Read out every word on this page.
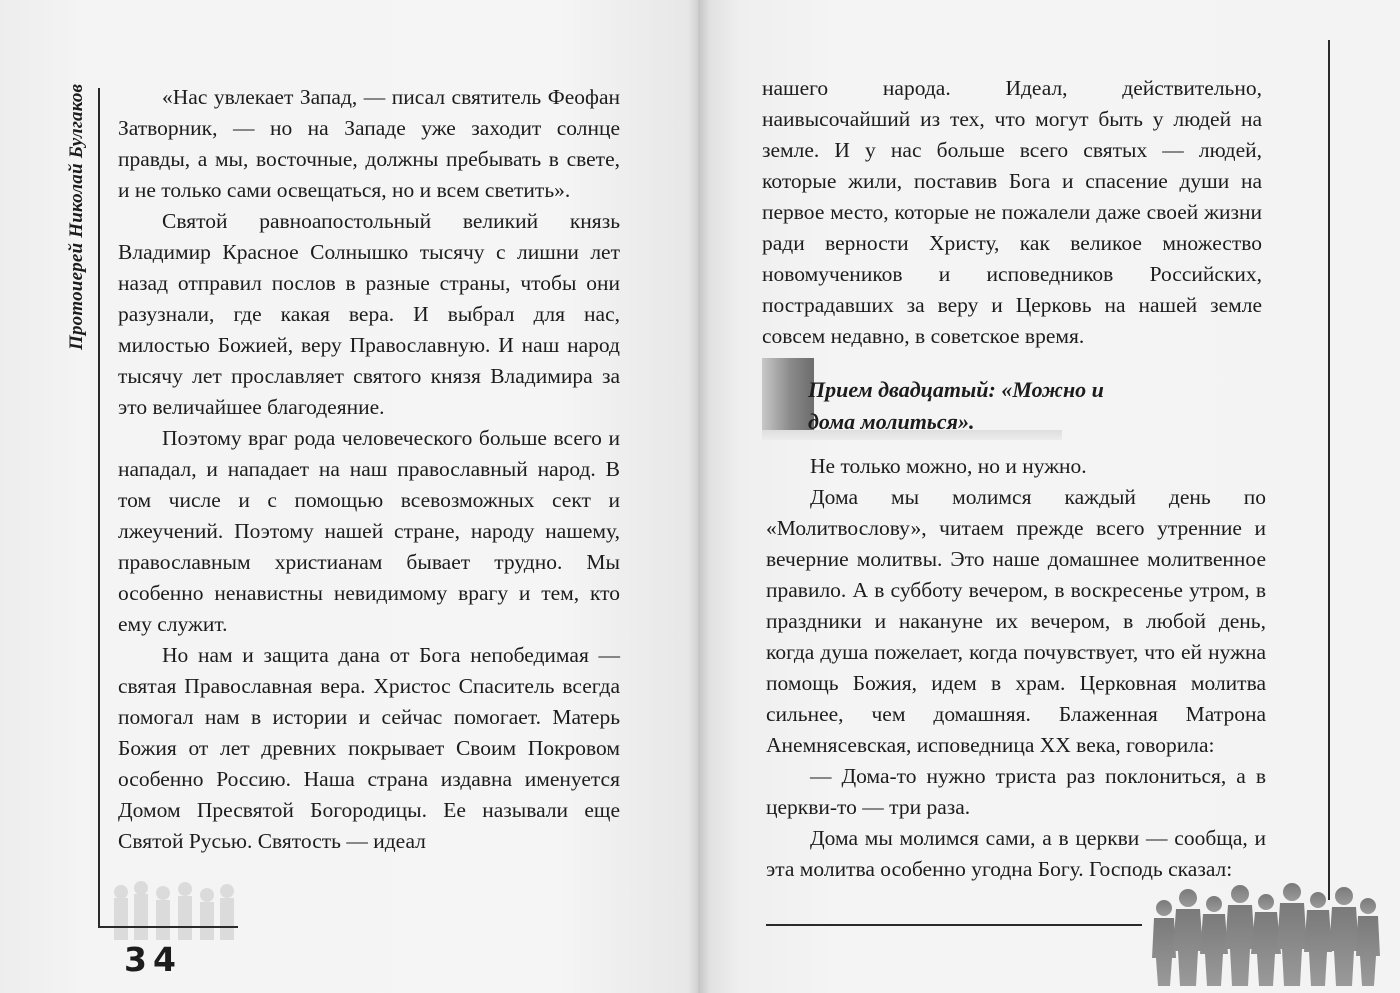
Протоиерей Николай Булгаков	«Нас увлекает Запад, — писал святитель Феофан Затворник, — но на Западе уже заходит солнце правды, а мы, восточные, должны пребывать в свете, и не только сами освещаться, но и всем светить».

Святой равноапостольный великий князь Владимир Красное Солнышко тысячу с лишни лет назад отправил послов в разные страны, чтобы они разузнали, где какая вера. И выбрал для нас, милостью Божией, веру Православную. И наш народ тысячу лет прославляет святого князя Владимира за это величайшее благодеяние.

Поэтому враг рода человеческого больше всего и нападал, и нападает на наш православный народ. В том числе и с помощью всевозможных сект и лжеучений. Поэтому нашей стране, народу нашему, православным христианам бывает трудно. Мы особенно ненавистны невидимому врагу и тем, кто ему служит.

Но нам и защита дана от Бога непобедимая — святая Православная вера. Христос Спаситель всегда помогал нам в истории и сейчас помогает. Матерь Божия от лет древних покрывает Своим Покровом особенно Россию. Наша страна издавна именуется Домом Пресвятой Богородицы. Ее называли еще Святой Русью. Святость — идеал

34

нашего народа. Идеал, действительно, наивысочайший из тех, что могут быть у людей на земле. И у нас больше всего святых — людей, которые жили, поставив Бога и спасение души на первое место, которые не пожалели даже своей жизни ради верности Христу, как великое множество новомучеников и исповедников Российских, пострадавших за веру и Церковь на нашей земле совсем недавно, в советское время.

Прием двадцатый: «Можно и дома молиться».

Не только можно, но и нужно.

Дома мы молимся каждый день по «Молитвослову», читаем прежде всего утренние и вечерние молитвы. Это наше домашнее молитвенное правило. А в субботу вечером, в воскресенье утром, в праздники и накануне их вечером, в любой день, когда душа пожелает, когда почувствует, что ей нужна помощь Божия, идем в храм. Церковная молитва сильнее, чем домашняя. Блаженная Матрона Анемнясевская, исповедница XX века, говорила:

— Дома-то нужно триста раз поклониться, а в церкви-то — три раза.

Дома мы молимся сами, а в церкви — сообща, и эта молитва особенно угодна Богу. Господь сказал:
